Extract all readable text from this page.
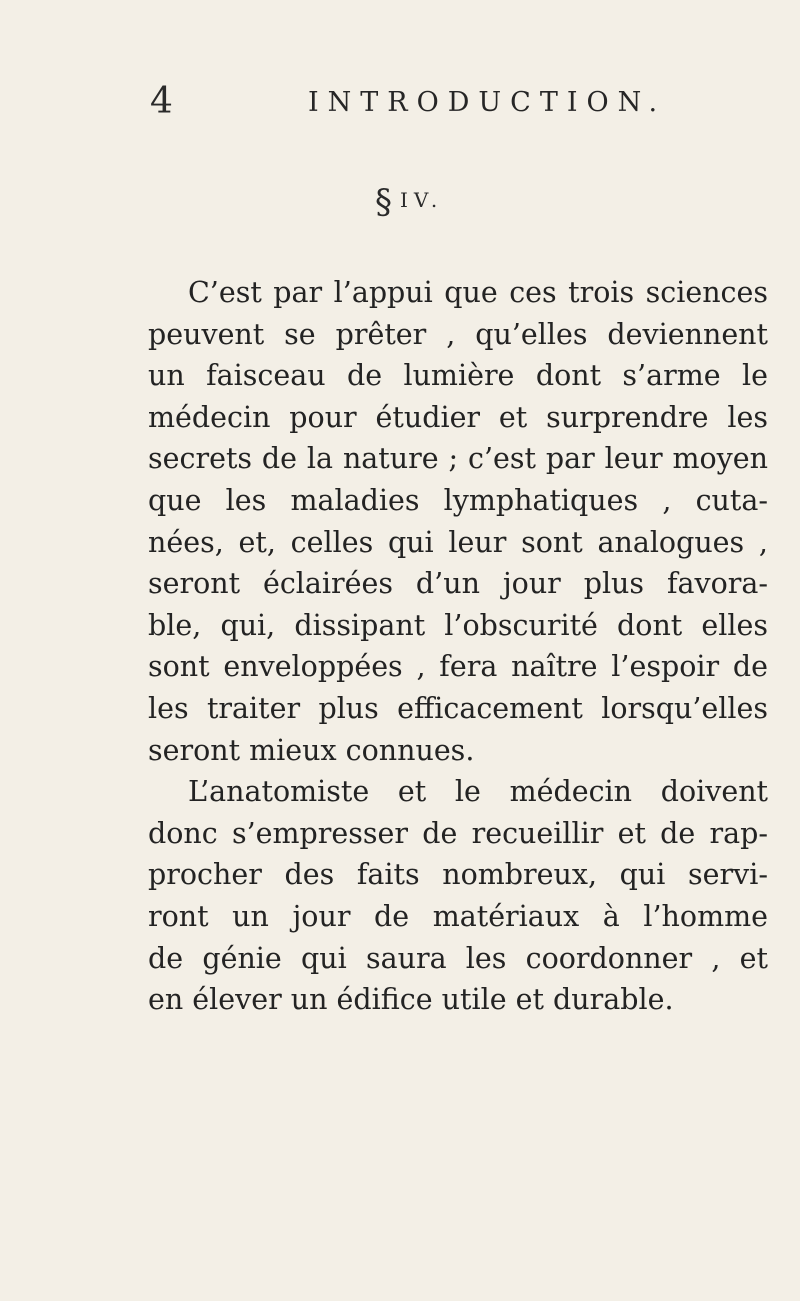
4	INTRODUCTION.
§ IV.
C’est par l’appui que ces trois sciences
peuvent se prêter , qu’elles deviennent
un faisceau de lumière dont s’arme le
médecin pour étudier et surprendre les
secrets de la nature ; c’est par leur moyen
que les maladies lymphatiques , cuta-
nées, et, celles qui leur sont analogues ,
seront éclairées d’un jour plus favora-
ble, qui, dissipant l’obscurité dont elles
sont enveloppées , fera naître l’espoir de
les traiter plus efficacement lorsqu’elles
seront mieux connues.
L’anatomiste et le médecin doivent
donc s’empresser de recueillir et de rap-
procher des faits nombreux, qui servi-
ront un jour de matériaux à l’homme
de génie qui saura les coordonner , et
en élever un édifice utile et durable.
